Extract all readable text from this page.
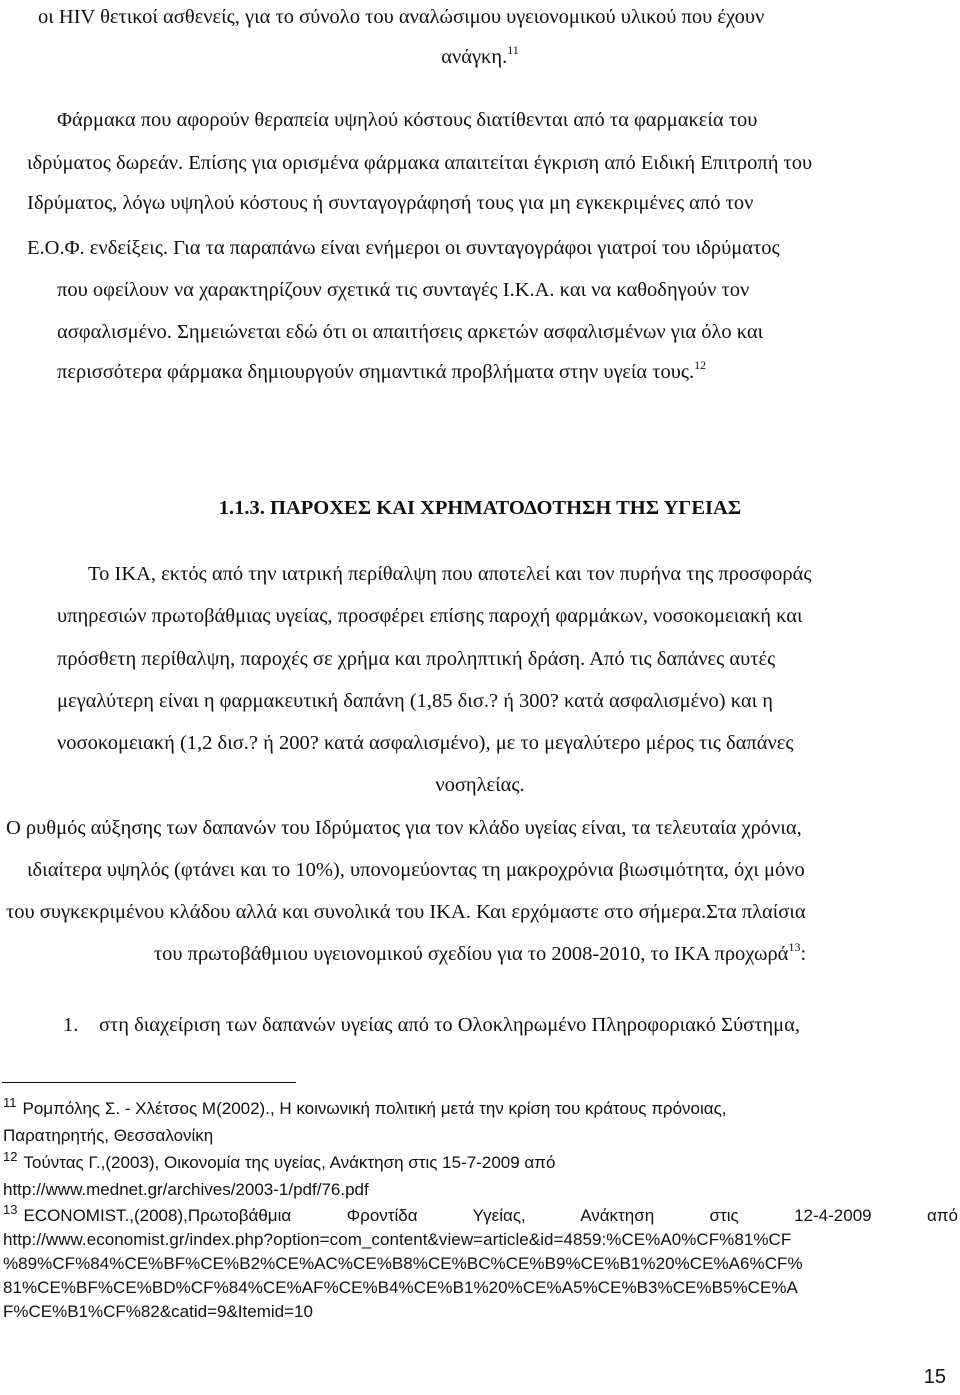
οι HIV θετικοί ασθενείς, για το σύνολο του αναλώσιμου υγειονομικού υλικού που έχουν
ανάγκη.$^{11}$
Φάρμακα που αφορούν θεραπεία υψηλού κόστους διατίθενται από τα φαρμακεία του
ιδρύματος δωρεάν. Επίσης για ορισμένα φάρμακα απαιτείται έγκριση από Ειδική Επιτροπή του
Ιδρύματος, λόγω υψηλού κόστους ή συνταγογράφησή τους για μη εγκεκριμένες από τον
Ε.Ο.Φ. ενδείξεις. Για τα παραπάνω είναι ενήμεροι οι συνταγογράφοι γιατροί του ιδρύματος
που οφείλουν να χαρακτηρίζουν σχετικά τις συνταγές Ι.Κ.Α. και να καθοδηγούν τον
ασφαλισμένο. Σημειώνεται εδώ ότι οι απαιτήσεις αρκετών ασφαλισμένων για όλο και
περισσότερα φάρμακα δημιουργούν σημαντικά προβλήματα στην υγεία τους.$^{12}$
1.1.3. ΠΑΡΟΧΕΣ ΚΑΙ ΧΡΗΜΑΤΟΔΟΤΗΣΗ ΤΗΣ ΥΓΕΙΑΣ
Το ΙΚΑ, εκτός από την ιατρική περίθαλψη που αποτελεί και τον πυρήνα της προσφοράς
υπηρεσιών πρωτοβάθμιας υγείας, προσφέρει επίσης παροχή φαρμάκων, νοσοκομειακή και
πρόσθετη περίθαλψη, παροχές σε χρήμα και προληπτική δράση. Από τις δαπάνες αυτές
μεγαλύτερη είναι η φαρμακευτική δαπάνη (1,85 δισ.? ή 300? κατά ασφαλισμένο) και η
νοσοκομειακή (1,2 δισ.? ή 200? κατά ασφαλισμένο), με το μεγαλύτερο μέρος τις δαπάνες
νοσηλείας.
Ο ρυθμός αύξησης των δαπανών του Ιδρύματος για τον κλάδο υγείας είναι, τα τελευταία χρόνια,
ιδιαίτερα υψηλός (φτάνει και το 10%), υπονομεύοντας τη μακροχρόνια βιωσιμότητα, όχι μόνο
του συγκεκριμένου κλάδου αλλά και συνολικά του ΙΚΑ. Και ερχόμαστε στο σήμερα.Στα πλαίσια
του πρωτοβάθμιου υγειονομικού σχεδίου για το 2008-2010, το ΙΚΑ προχωρά$^{13}$:
1. στη διαχείριση των δαπανών υγείας από το Ολοκληρωμένο Πληροφοριακό Σύστημα,
$^{11}$ Ρομπόλης Σ. - Χλέτσος Μ(2002)., Η κοινωνική πολιτική μετά την κρίση του κράτους πρόνοιας,
Παρατηρητής, Θεσσαλονίκη
$^{12}$ Τούντας Γ.,(2003), Οικονομία της υγείας, Ανάκτηση στις 15-7-2009 από
http://www.mednet.gr/archives/2003-1/pdf/76.pdf
$^{13}$ ECONOMIST.,(2008),Πρωτοβάθμια Φροντίδα Υγείας, Ανάκτηση στις 12-4-2009 από
http://www.economist.gr/index.php?option=com_content&view=article&id=4859:%CE%A0%CF%81%CF
%89%CF%84%CE%BF%CE%B2%CE%AC%CE%B8%CE%BC%CE%B9%CE%B1%20%CE%A6%CF%
81%CE%BF%CE%BD%CF%84%CE%AF%CE%B4%CE%B1%20%CE%A5%CE%B3%CE%B5%CE%A
F%CE%B1%CF%82&catid=9&Itemid=10
15
